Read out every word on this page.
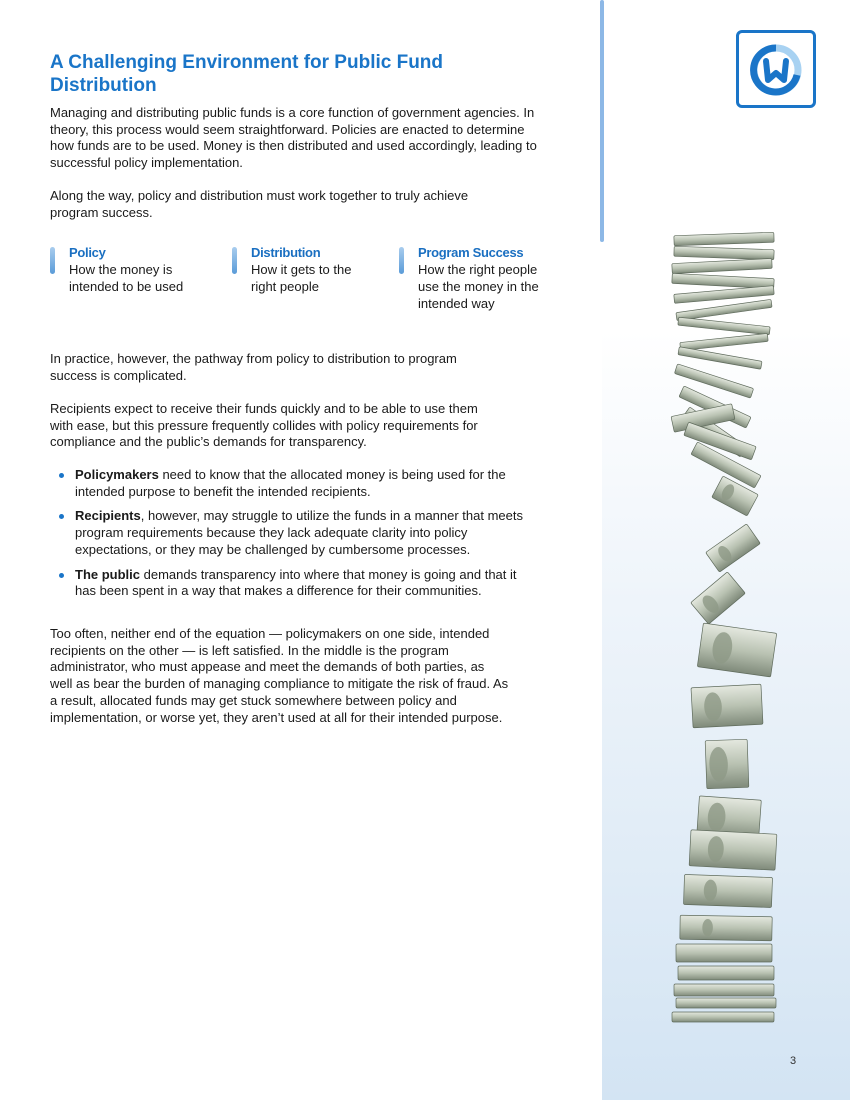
A Challenging Environment for Public Fund Distribution

Managing and distributing public funds is a core function of government agencies. In theory, this process would seem straightforward. Policies are enacted to determine how funds are to be used. Money is then distributed and used accordingly, leading to successful policy implementation.

Along the way, policy and distribution must work together to truly achieve program success.

Policy
How the money is intended to be used
Distribution
How it gets to the right people
Program Success
How the right people use the money in the intended way

In practice, however, the pathway from policy to distribution to program success is complicated.

Recipients expect to receive their funds quickly and to be able to use them with ease, but this pressure frequently collides with policy requirements for compliance and the public’s demands for transparency.

Policymakers need to know that the allocated money is being used for the intended purpose to benefit the intended recipients.
Recipients, however, may struggle to utilize the funds in a manner that meets program requirements because they lack adequate clarity into policy expectations, or they may be challenged by cumbersome processes.
The public demands transparency into where that money is going and that it has been spent in a way that makes a difference for their communities.

Too often, neither end of the equation — policymakers on one side, intended recipients on the other — is left satisfied. In the middle is the program administrator, who must appease and meet the demands of both parties, as well as bear the burden of managing compliance to mitigate the risk of fraud. As a result, allocated funds may get stuck somewhere between policy and implementation, or worse yet, they aren’t used at all for their intended purpose.

3
